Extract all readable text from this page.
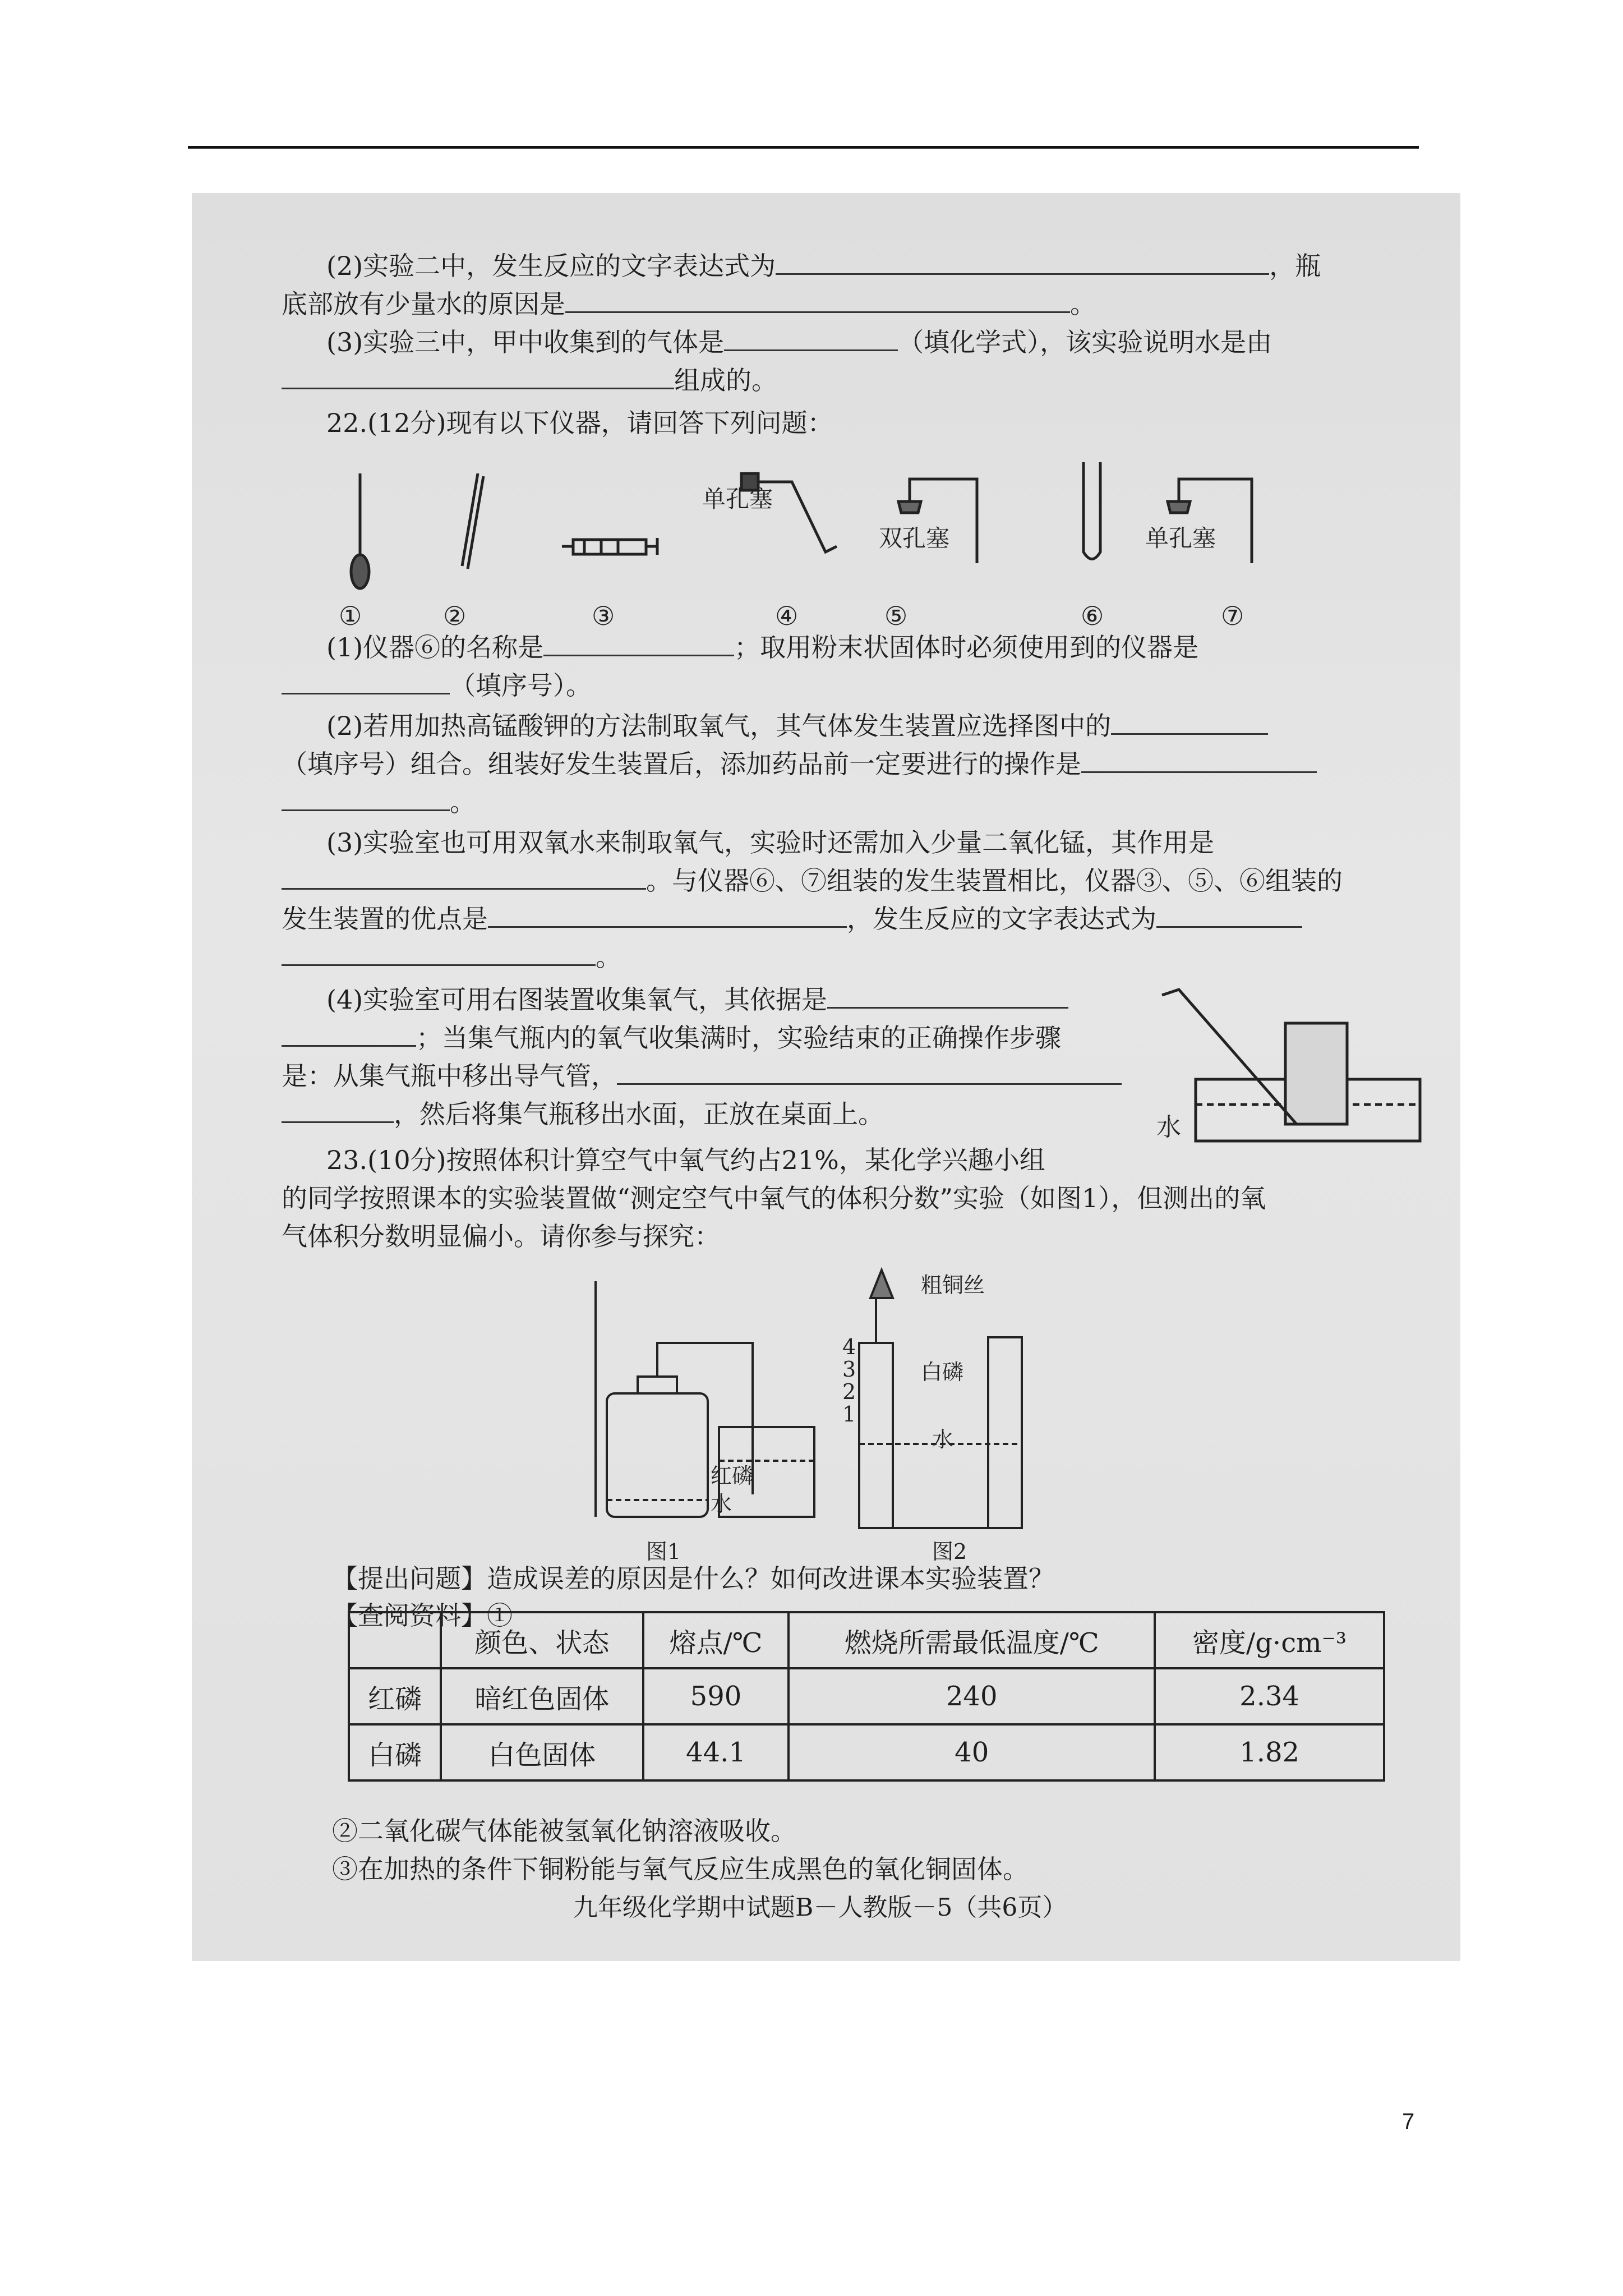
(2)实验二中，发生反应的文字表达式为	，瓶
底部放有少量水的原因是	。
(3)实验三中，甲中收集到的气体是	（填化学式），该实验说明水是由
组成的。
22.(12分)现有以下仪器，请回答下列问题：
单孔塞
双孔塞	单孔塞
①	②	③	④	⑤	⑥	⑦
(1)仪器⑥的名称是	；取用粉末状固体时必须使用到的仪器是
（填序号）。
(2)若用加热高锰酸钾的方法制取氧气，其气体发生装置应选择图中的
（填序号）组合。组装好发生装置后，添加药品前一定要进行的操作是
。
(3)实验室也可用双氧水来制取氧气，实验时还需加入少量二氧化锰，其作用是
。与仪器⑥、⑦组装的发生装置相比，仪器③、⑤、⑥组装的
发生装置的优点是	，发生反应的文字表达式为
。
(4)实验室可用右图装置收集氧气，其依据是
；当集气瓶内的氧气收集满时，实验结束的正确操作步骤
是：从集气瓶中移出导气管，
，然后将集气瓶移出水面，正放在桌面上。	水
23.(10分)按照体积计算空气中氧气约占21%，某化学兴趣小组
的同学按照课本的实验装置做“测定空气中氧气的体积分数”实验（如图1），但测出的氧
气体积分数明显偏小。请你参与探究：
红磷
水
图1
粗铜丝
白磷
水
图2
4
3
2
1
【提出问题】造成误差的原因是什么？如何改进课本实验装置？
【查阅资料】①
②二氧化碳气体能被氢氧化钠溶液吸收。
③在加热的条件下铜粉能与氧气反应生成黑色的氧化铜固体。
九年级化学期中试题B－人教版－5（共6页）
	颜色、状态	熔点/℃	燃烧所需最低温度/℃	密度/g·cm⁻³
红磷	暗红色固体	590	240	2.34
白磷	白色固体	44.1	40	1.82
7
